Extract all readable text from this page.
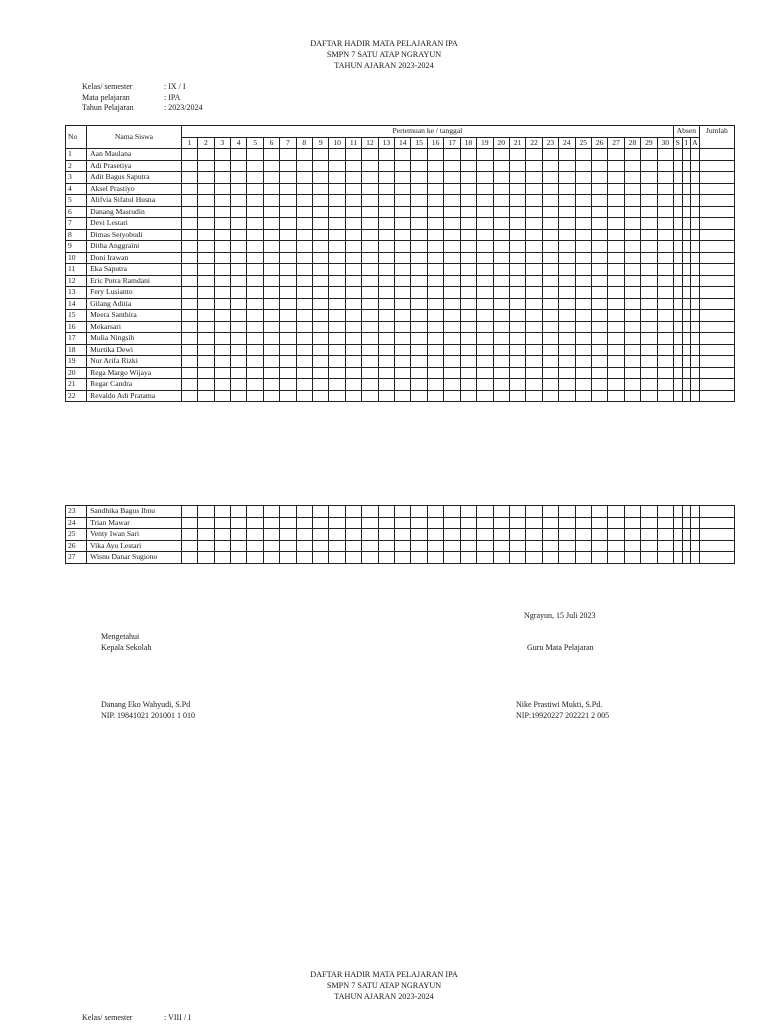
DAFTAR HADIR MATA PELAJARAN IPA
SMPN 7 SATU ATAP NGRAYUN
TAHUN AJARAN 2023-2024
Kelas/ semester	: IX / I
Mata pelajaran	: IPA
Tahun Pelajaran	: 2023/2024
No	Nama Siswa	Pertemuan ke / tanggal																														Absen			Jumlah
		1	2	3	4	5	6	7	8	9	10	11	12	13	14	15	16	17	18	19	20	21	22	23	24	25	26	27	28	29	30	S	I	A	
1	Aan Maulana																																		
2	Adi Prasetiya																																		
3	Adit Bagus Saputra																																		
4	Aksel Prastiyo																																		
5	Alifvia Sifatul Husna																																		
6	Danang Masrudin																																		
7	Devi Lestari																																		
8	Dimas Setyobudi																																		
9	Ditha Anggraini																																		
10	Doni Irawan																																		
11	Eka Saputra																																		
12	Eric Putra Ramdani																																		
13	Fery Lusianto																																		
14	Gilang Aditia																																		
15	Meera Santhira																																		
16	Mekarsari																																		
17	Mulia Ningsih																																		
18	Murtika Dewi																																		
19	Nur Arifa Rizki																																		
20	Rega Margo Wijaya																																		
21	Regar Candra																																		
22	Revaldo Adi Pratama																																		
23	Sandhika Bagus Ibnu																																		
24	Trian Mawar																																		
25	Venty Iwan Sari																																		
26	Vika Ayu Lestari																																		
27	Wisnu Danar Sugiono																																		
Ngrayun, 15 Juli 2023
Mengetahui
Kepala Sekolah	Guru Mata Pelajaran
Danang Eko Wahyudi, S.Pd
NIP. 19841021 201001 1 010
Nike Prastiwi Mukti, S.Pd.
NIP:19920227 202221 2 005
DAFTAR HADIR MATA PELAJARAN IPA
SMPN 7 SATU ATAP NGRAYUN
TAHUN AJARAN 2023-2024
Kelas/ semester	: VIII / I
